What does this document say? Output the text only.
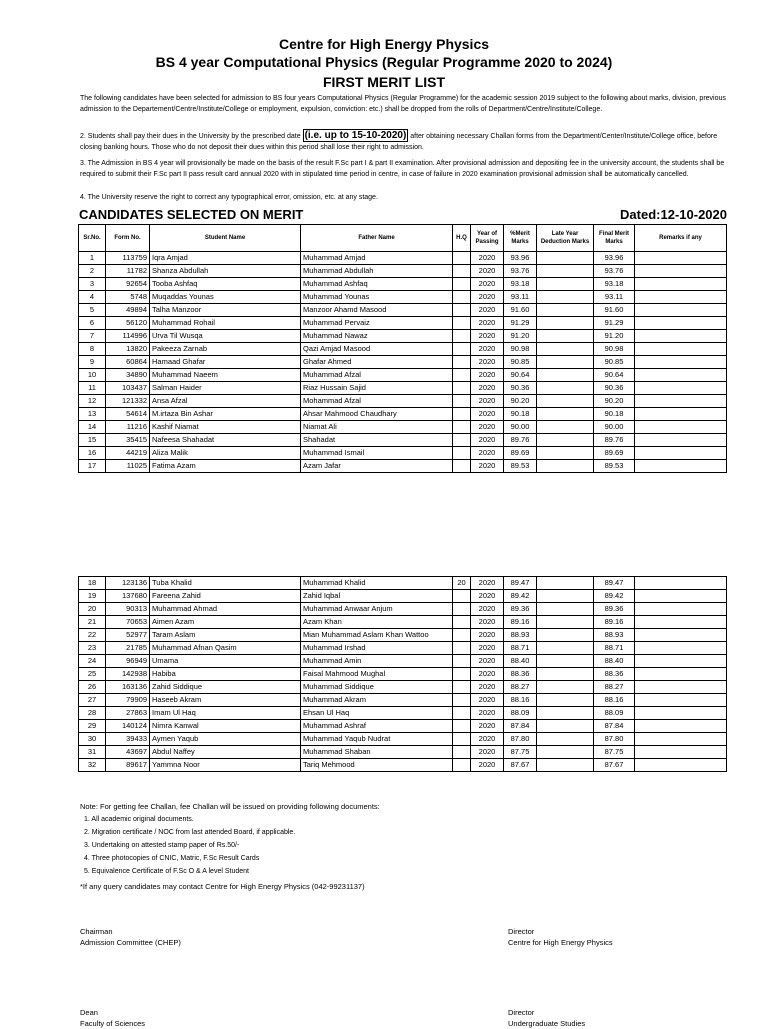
Centre for High Energy Physics
BS 4 year Computational Physics (Regular Programme 2020 to 2024)
FIRST MERIT LIST
The following candidates have been selected for admission to BS four years Computational Physics (Regular Programme) for the academic session 2019 subject to the following about marks, division, previous admission to the Departement/Centre/Institute/College or employment, expulsion, conviction: etc.) shall be dropped from the rolls of Department/Centre/Institute/College.
2. Students shall pay their dues in the University by the prescribed date (i.e. up to 15-10-2020) after obtaining necessary Challan forms from the Department/Center/Institute/College office, before closing banking hours. Those who do not deposit their dues within this period shall lose their right to admission.
3. The Admission in BS 4 year will provisionally be made on the basis of the result F.Sc part I & part II examination. After provisional admission and depositing fee in the university account, the students shall be required to submit their F.Sc part II pass result card annual 2020 with in stipulated time period in centre, in case of failure in 2020 examination provisional admission shall be automatically cancelled.
4. The University reserve the right to correct any typographical error, omission, etc. at any stage.
CANDIDATES SELECTED ON MERIT	Dated:12-10-2020
Sr.No.	Form No.	Student Name	Father Name	H.Q	Year of Passing	%Merit Marks	Late Year Deduction Marks	Final Merit Marks	Remarks if any
1	113759	Iqra Amjad	Muhammad Amjad		2020	93.96		93.96	
2	11782	Shanza Abdullah	Muhammad Abdullah		2020	93.76		93.76	
3	92654	Tooba Ashfaq	Muhammad Ashfaq		2020	93.18		93.18	
4	5748	Muqaddas Younas	Muhammad Younas		2020	93.11		93.11	
5	49894	Talha Manzoor	Manzoor Ahamd Masood		2020	91.60		91.60	
6	56120	Muhammad Rohail	Muhammad Pervaiz		2020	91.29		91.29	
7	114996	Urva Til Wusqa	Muhammad Nawaz		2020	91.20		91.20	
8	13820	Pakeeza Zarnab	Qazi Amjad Masood		2020	90.98		90.98	
9	60864	Hamaad Ghafar	Ghafar Ahmed		2020	90.85		90.85	
10	34890	Muhammad Naeem	Muhammad Afzal		2020	90.64		90.64	
11	103437	Salman Haider	Riaz Hussain Sajid		2020	90.36		90.36	
12	121332	Ansa Afzal	Mohammad Afzal		2020	90.20		90.20	
13	54614	M.irtaza Bin Ashar	Ahsar Mahmood Chaudhary		2020	90.18		90.18	
14	11216	Kashif Niamat	Niamat Ali		2020	90.00		90.00	
15	35415	Nafeesa Shahadat	Shahadat		2020	89.76		89.76	
16	44219	Aliza Malik	Muhammad Ismail		2020	89.69		89.69	
17	11025	Fatima Azam	Azam Jafar		2020	89.53		89.53	
18	123136	Tuba Khalid	Muhammad Khalid	20	2020	89.47		89.47	
19	137680	Fareena Zahid	Zahid Iqbal		2020	89.42		89.42	
20	90313	Muhammad Ahmad	Muhammad Anwaar Anjum		2020	89.36		89.36	
21	70653	Aimen Azam	Azam Khan		2020	89.16		89.16	
22	52977	Taram Aslam	Mian Muhammad Aslam Khan Wattoo		2020	88.93		88.93	
23	21785	Muhammad Afnan Qasim	Muhammad Irshad		2020	88.71		88.71	
24	96949	Umama	Muhammad Amin		2020	88.40		88.40	
25	142938	Habiba	Faisal Mahmood Mughal		2020	88.36		88.36	
26	163136	Zahid Siddique	Muhammad Siddique		2020	88.27		88.27	
27	79909	Haseeb Akram	Muhammad Akram		2020	88.16		88.16	
28	27863	Imam Ul Haq	Ehsan Ul Haq		2020	88.09		88.09	
29	140124	Nimra Kanwal	Muhammad Ashraf		2020	87.84		87.84	
30	39433	Aymen Yaqub	Muhammad Yaqub Nudrat		2020	87.80		87.80	
31	43697	Abdul Naffey	Muhammad Shaban		2020	87.75		87.75	
32	89617	Yammna Noor	Tariq Mehmood		2020	87.67		87.67	
Note: For getting fee Challan, fee Challan will be issued on providing following documents:
1. All academic original documents.
2. Migration certificate / NOC from last attended Board, if applicable.
3. Undertaking on attested stamp paper of Rs.50/-
4. Three photocopies of CNIC, Matric, F.Sc Result Cards
5. Equivalence Certificate of F.Sc O & A level Student
*If any query candidates may contact Centre for High Energy Physics (042-99231137)
Chairman
Admission Committee (CHEP)
Director
Centre for High Energy Physics
Dean
Faculty of Sciences
Director
Undergraduate Studies
